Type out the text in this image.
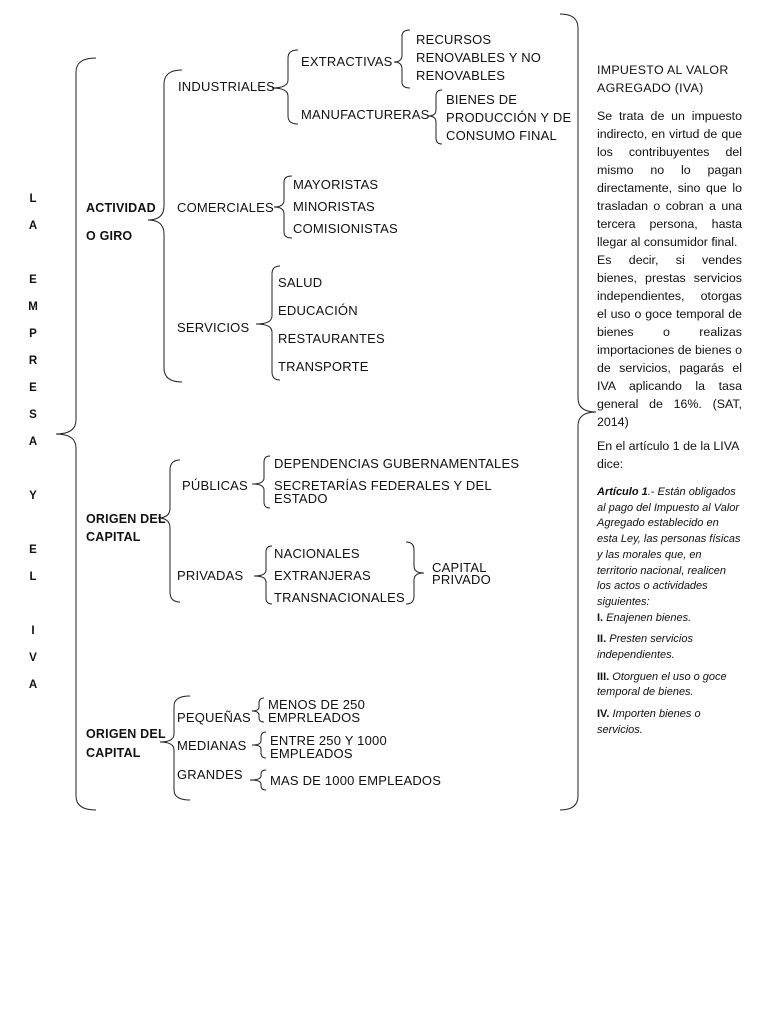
L
A
E
M
P
R
E
S
A
Y
E
L
I
V
A
ACTIVIDAD
O GIRO
INDUSTRIALES
EXTRACTIVAS
RECURSOS
RENOVABLES Y NO
RENOVABLES
MANUFACTURERAS
BIENES DE
PRODUCCIÓN Y DE
CONSUMO FINAL
COMERCIALES
MAYORISTAS
MINORISTAS
COMISIONISTAS
SERVICIOS
SALUD
EDUCACIÓN
RESTAURANTES
TRANSPORTE
ORIGEN DEL
CAPITAL
PÚBLICAS
DEPENDENCIAS GUBERNAMENTALES
SECRETARÍAS FEDERALES Y DEL
ESTADO
PRIVADAS
NACIONALES
EXTRANJERAS
TRANSNACIONALES
CAPITAL
PRIVADO
ORIGEN DEL
CAPITAL
PEQUEÑAS
MENOS DE 250
EMPRLEADOS
MEDIANAS ENTRE 250 Y 1000
EMPLEADOS
GRANDES MAS DE 1000 EMPLEADOS

IMPUESTO AL VALOR AGREGADO (IVA)

Se trata de un impuesto indirecto, en virtud de que los contribuyentes del mismo no lo pagan directamente, sino que lo trasladan o cobran a una tercera persona, hasta llegar al consumidor final.

Es decir, si vendes bienes, prestas servicios independientes, otorgas el uso o goce temporal de bienes o realizas importaciones de bienes o de servicios, pagarás el IVA aplicando la tasa general de 16%. (SAT, 2014)

En el artículo 1 de la LIVA dice:

Artículo 1.- Están obligados al pago del Impuesto al Valor Agregado establecido en esta Ley, las personas físicas y las morales que, en territorio nacional, realicen los actos o actividades siguientes:

I. Enajenen bienes.

II. Presten servicios independientes.

III. Otorguen el uso o goce temporal de bienes.

IV. Importen bienes o servicios.
